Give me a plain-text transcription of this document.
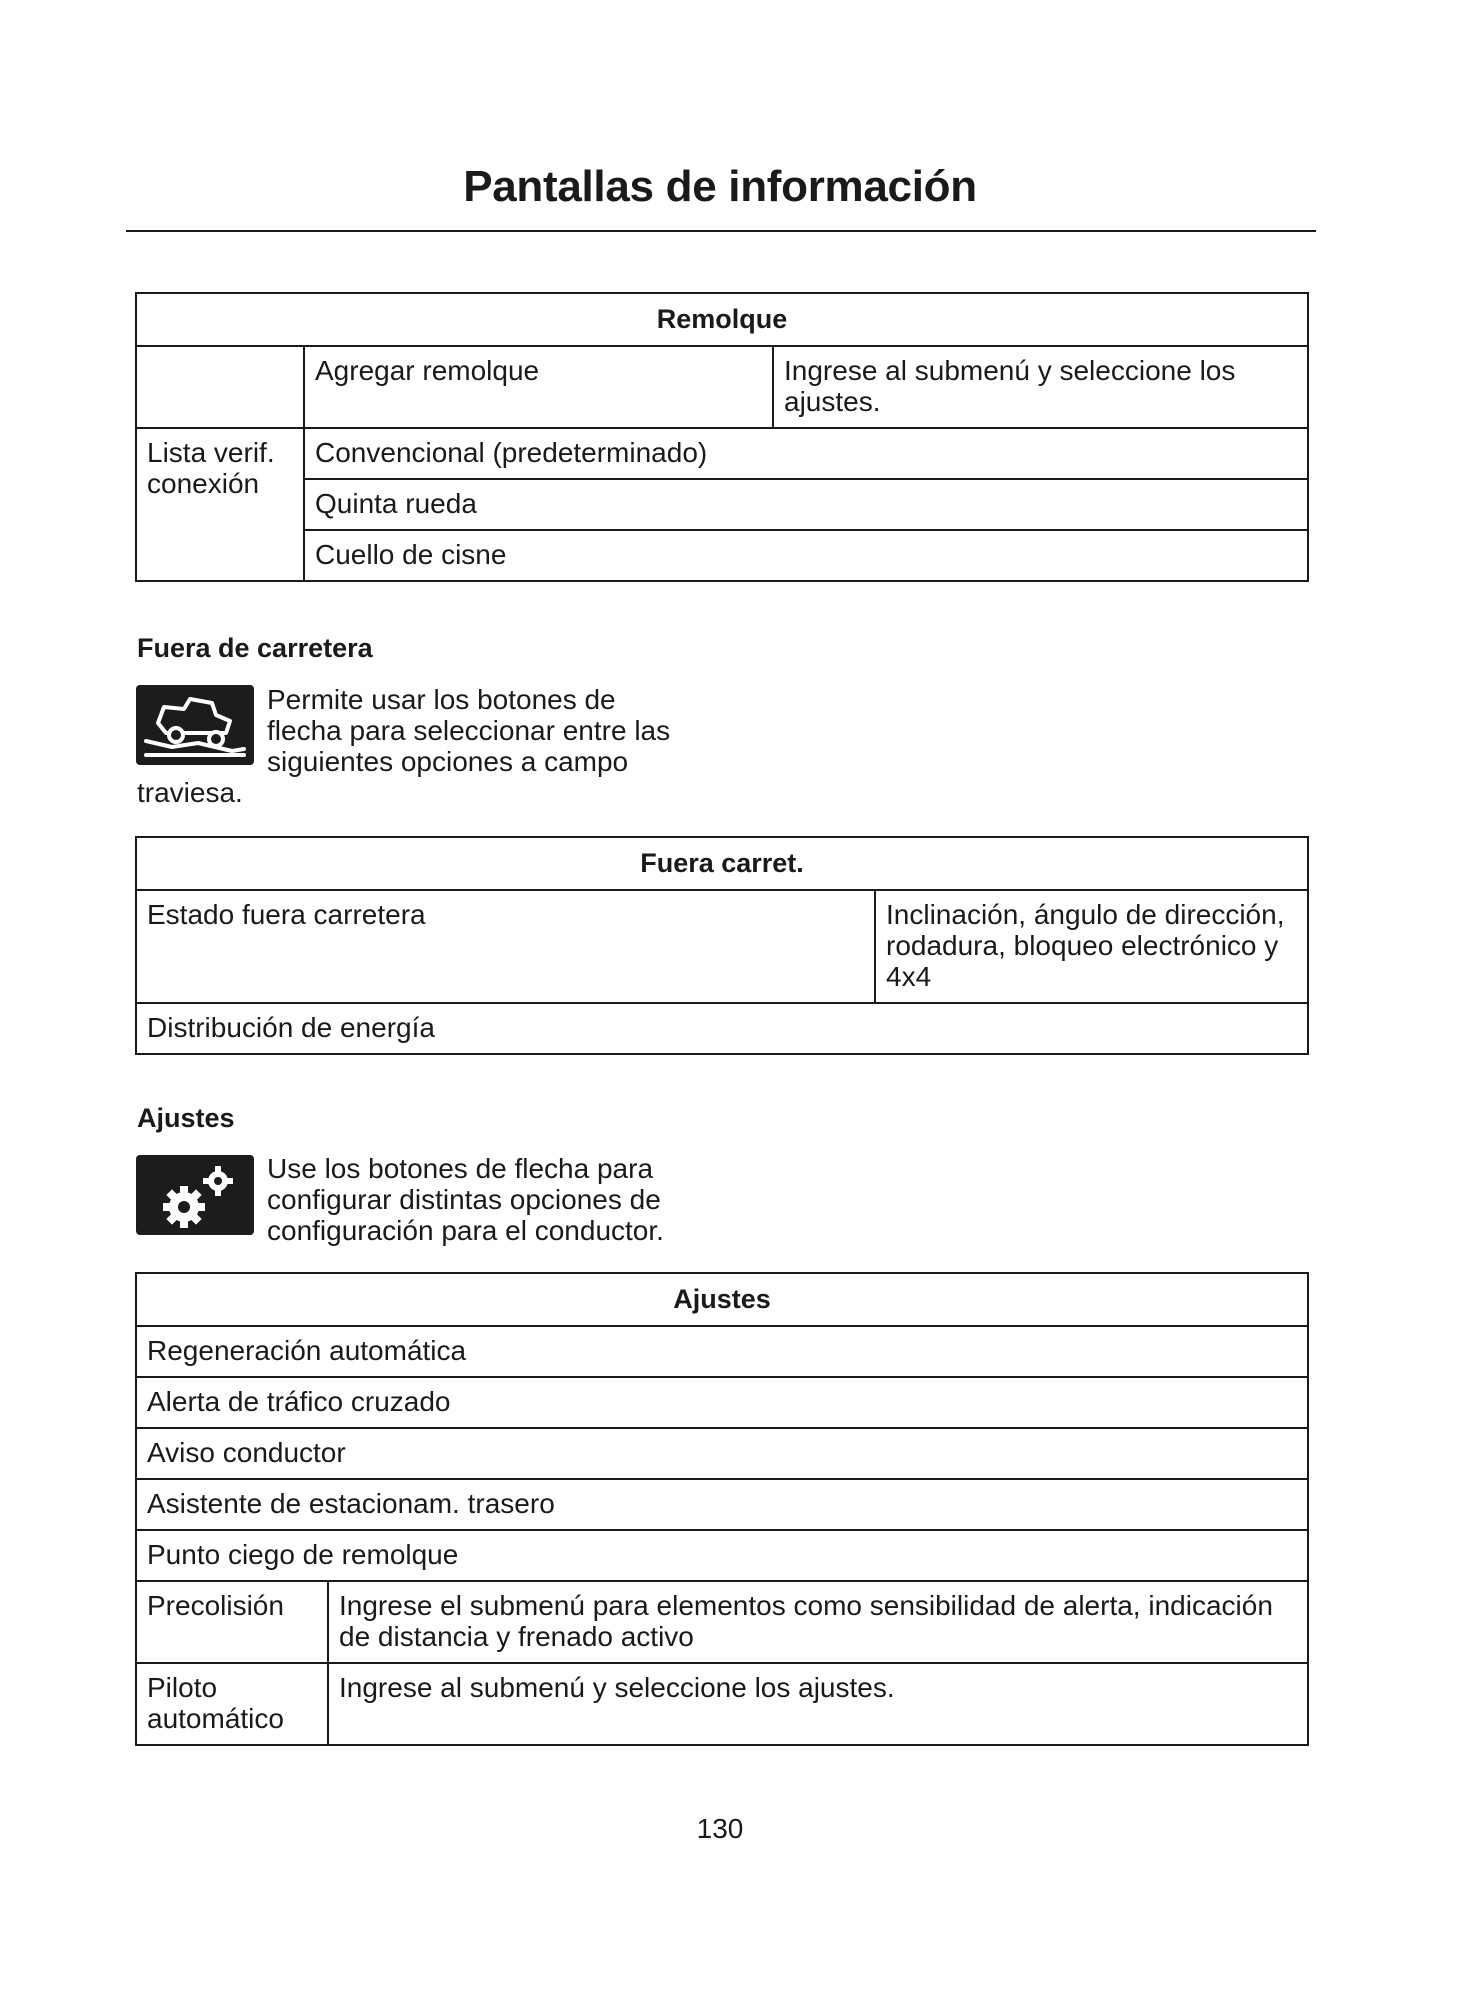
Pantallas de información
Remolque		
	Agregar remolque	Ingrese al submenú y seleccione los ajustes.
Lista verif. conexión	Convencional (predeterminado)	
	Quinta rueda	
	Cuello de cisne	
Fuera de carretera
Permite usar los botones de flecha para seleccionar entre las siguientes opciones a campo traviesa.
Fuera carret.
Estado fuera carretera	Inclinación, ángulo de dirección, rodadura, bloqueo electrónico y 4x4
Distribución de energía
Ajustes
Use los botones de flecha para configurar distintas opciones de configuración para el conductor.
Ajustes	
Regeneración automática	
Alerta de tráfico cruzado	
Aviso conductor	
Asistente de estacionam. trasero	
Punto ciego de remolque	
Precolisión	Ingrese el submenú para elementos como sensibilidad de alerta, indicación de distancia y frenado activo
Piloto automático	Ingrese al submenú y seleccione los ajustes.
130
